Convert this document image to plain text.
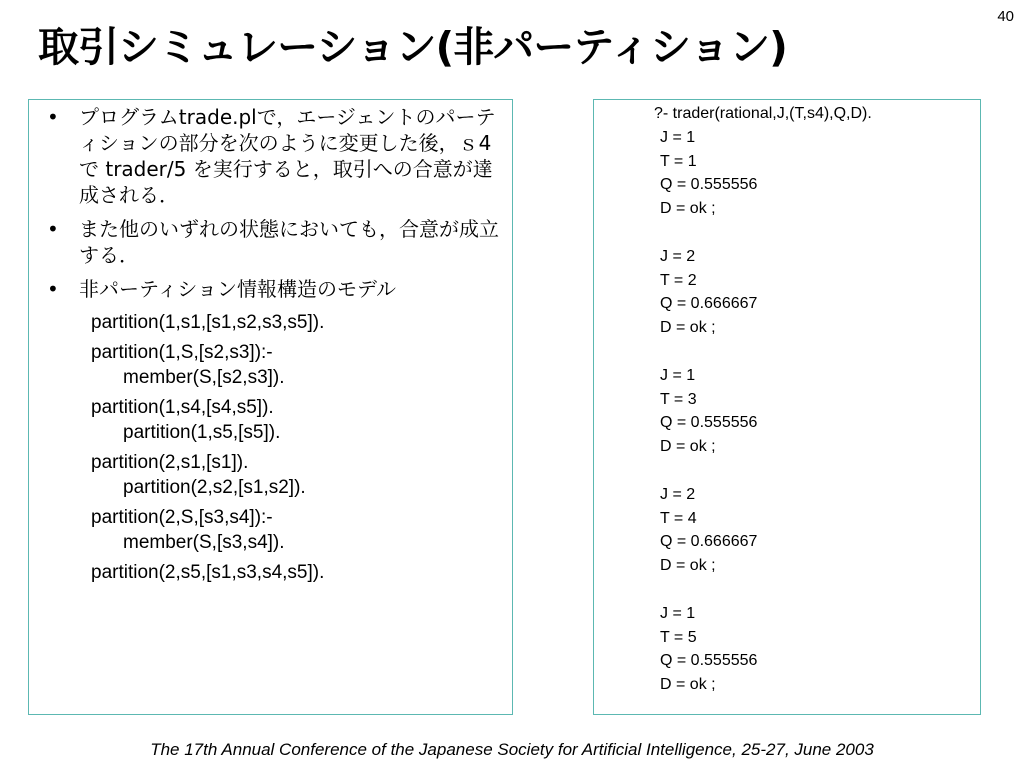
40
取引シミュレーション(非パーティション)
• プログラムtrade.plで，エージェントのパーティションの部分を次のように変更した後，ｓ4で trader/5 を実行すると，取引への合意が達成される．
• また他のいずれの状態においても，合意が成立する．
• 非パーティション情報構造のモデル
partition(1,s1,[s1,s2,s3,s5]).
partition(1,S,[s2,s3]):-
member(S,[s2,s3]).
partition(1,s4,[s4,s5]).
partition(1,s5,[s5]).
partition(2,s1,[s1]).
partition(2,s2,[s1,s2]).
partition(2,S,[s3,s4]):-
member(S,[s3,s4]).
partition(2,s5,[s1,s3,s4,s5]).
?- trader(rational,J,(T,s4),Q,D).
J = 1
T = 1
Q = 0.555556
D = ok ;
J = 2
T = 2
Q = 0.666667
D = ok ;
J = 1
T = 3
Q = 0.555556
D = ok ;
J = 2
T = 4
Q = 0.666667
D = ok ;
J = 1
T = 5
Q = 0.555556
D = ok ;
The 17th Annual Conference of the Japanese Society for Artificial Intelligence, 25-27, June 2003
